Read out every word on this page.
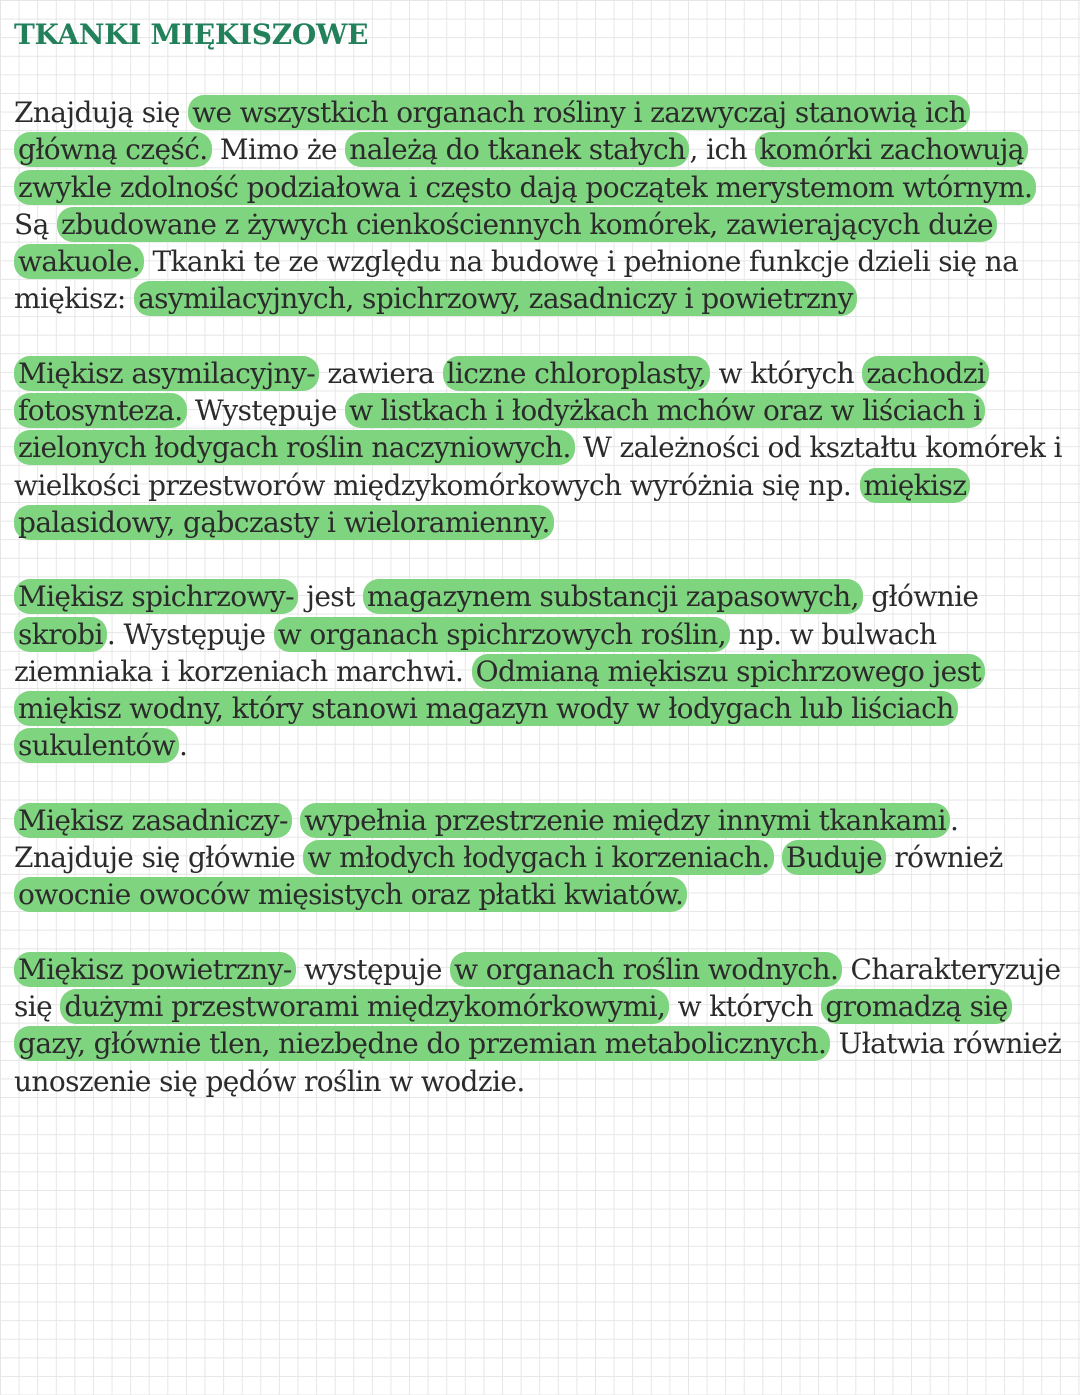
TKANKI MIĘKISZOWE

Znajdują się we wszystkich organach rośliny i zazwyczaj stanowią ich główną część. Mimo że należą do tkanek stałych , ich komórki zachowują zwykle zdolność podziałowa i często dają początek merystemom wtórnym. Są zbudowane z żywych cienkościennych komórek, zawierających duże wakuole. Tkanki te ze względu na budowę i pełnione funkcje dzieli się na miękisz: asymilacyjnych, spichrzowy, zasadniczy i powietrzny

Miękisz asymilacyjny- zawiera liczne chloroplasty, w których zachodzi fotosynteza. Występuje w listkach i łodyżkach mchów oraz w liściach i zielonych łodygach roślin naczyniowych. W zależności od kształtu komórek i wielkości przestworów międzykomórkowych wyróżnia się np. miękisz palasidowy, gąbczasty i wieloramienny.

Miękisz spichrzowy- jest magazynem substancji zapasowych, głównie skrobi . Występuje w organach spichrzowych roślin, np. w bulwach ziemniaka i korzeniach marchwi. Odmianą miękiszu spichrzowego jest miękisz wodny, który stanowi magazyn wody w łodygach lub liściach sukulentów .

Miękisz zasadniczy- wypełnia przestrzenie między innymi tkankami . Znajduje się głównie w młodych łodygach i korzeniach. Buduje również owocnie owoców mięsistych oraz płatki kwiatów.

Miękisz powietrzny- występuje w organach roślin wodnych. Charakteryzuje się dużymi przestworami międzykomórkowymi, w których gromadzą się gazy, głównie tlen, niezbędne do przemian metabolicznych. Ułatwia również unoszenie się pędów roślin w wodzie.
